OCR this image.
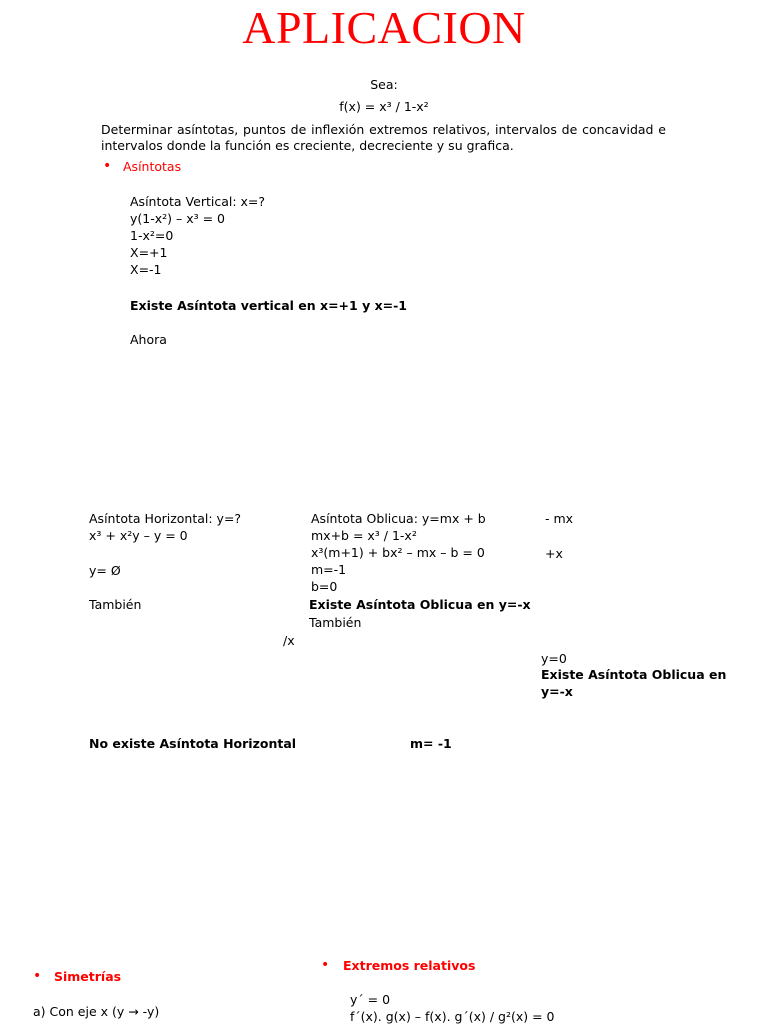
APLICACION
Sea:
f(x) = x³ / 1-x²
Determinar asíntotas, puntos de inflexión extremos relativos, intervalos de concavidad e intervalos donde la función es creciente, decreciente y su grafica.
• Asíntotas
Asíntota Vertical: x=?
y(1-x²) – x³ = 0
1-x²=0
X=+1
X=-1
Existe Asíntota vertical en x=+1 y x=-1
Ahora
Asíntota Horizontal: y=?
x³ + x²y – y = 0
y= Ø
También
No existe Asíntota Horizontal
Asíntota Oblicua: y=mx + b
mx+b = x³ / 1-x²
x³(m+1) + bx² – mx – b = 0
m=-1
b=0
Existe Asíntota Oblicua en y=-x
También
/x
m= -1
- mx
+x
y=0
Existe Asíntota Oblicua en
y=-x
• Simetrías
a) Con eje x (y → -y)
• Extremos relativos
y´ = 0
f´(x). g(x) – f(x). g´(x) / g²(x) = 0
